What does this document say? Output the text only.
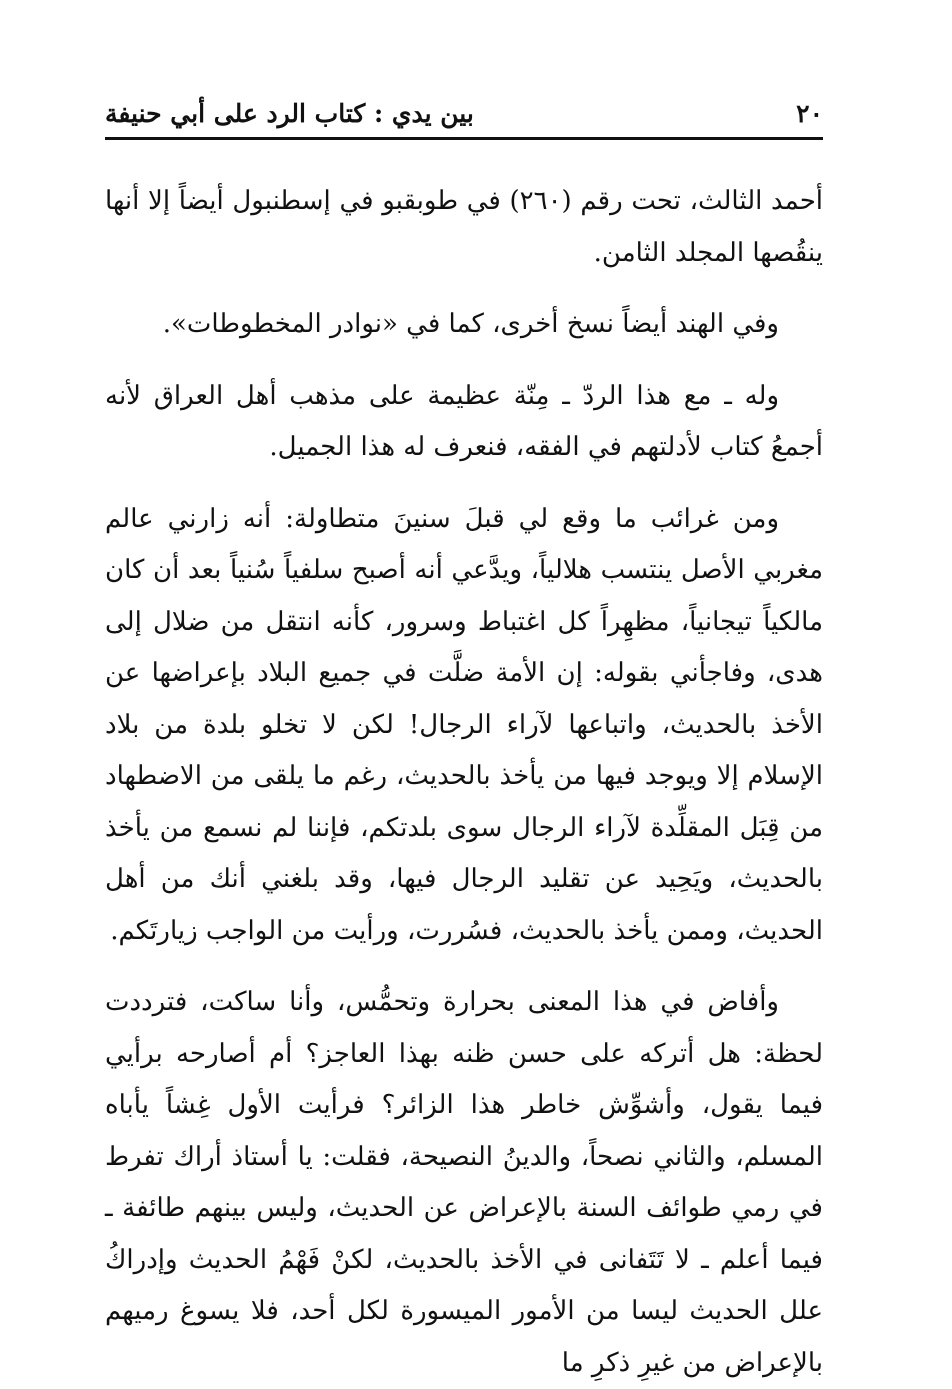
٢٠
بين يدي : كتاب الرد على أبي حنيفة

أحمد الثالث، تحت رقم (٢٦٠) في طوبقبو في إسطنبول أيضاً إلا أنها ينقُصها المجلد الثامن.

وفي الهند أيضاً نسخ أخرى، كما في «نوادر المخطوطات».

وله ـ مع هذا الردّ ـ مِنّة عظيمة على مذهب أهل العراق لأنه أجمعُ كتاب لأدلتهم في الفقه، فنعرف له هذا الجميل.

ومن غرائب ما وقع لي قبلَ سنينَ متطاولة: أنه زارني عالم مغربي الأصل ينتسب هلالياً، ويدَّعي أنه أصبح سلفياً سُنياً بعد أن كان مالكياً تيجانياً، مظهِراً كل اغتباط وسرور، كأنه انتقل من ضلال إلى هدى، وفاجأني بقوله: إن الأمة ضلَّت في جميع البلاد بإعراضها عن الأخذ بالحديث، واتباعها لآراء الرجال! لكن لا تخلو بلدة من بلاد الإسلام إلا ويوجد فيها من يأخذ بالحديث، رغم ما يلقى من الاضطهاد من قِبَل المقلِّدة لآراء الرجال سوى بلدتكم، فإننا لم نسمع من يأخذ بالحديث، ويَحِيد عن تقليد الرجال فيها، وقد بلغني أنك من أهل الحديث، وممن يأخذ بالحديث، فسُررت، ورأيت من الواجب زيارتَكم.

وأفاض في هذا المعنى بحرارة وتحمُّس، وأنا ساكت، فترددت لحظة: هل أتركه على حسن ظنه بهذا العاجز؟ أم أصارحه برأيي فيما يقول، وأشوِّش خاطر هذا الزائر؟ فرأيت الأول غِشاً يأباه المسلم، والثاني نصحاً، والدينُ النصيحة، فقلت: يا أستاذ أراك تفرط في رمي طوائف السنة بالإعراض عن الحديث، وليس بينهم طائفة ـ فيما أعلم ـ لا تَتَفانى في الأخذ بالحديث، لكنْ فَهْمُ الحديث وإدراكُ علل الحديث ليسا من الأمور الميسورة لكل أحد، فلا يسوغ رميهم بالإعراض من غيرِ ذكرِ ما
